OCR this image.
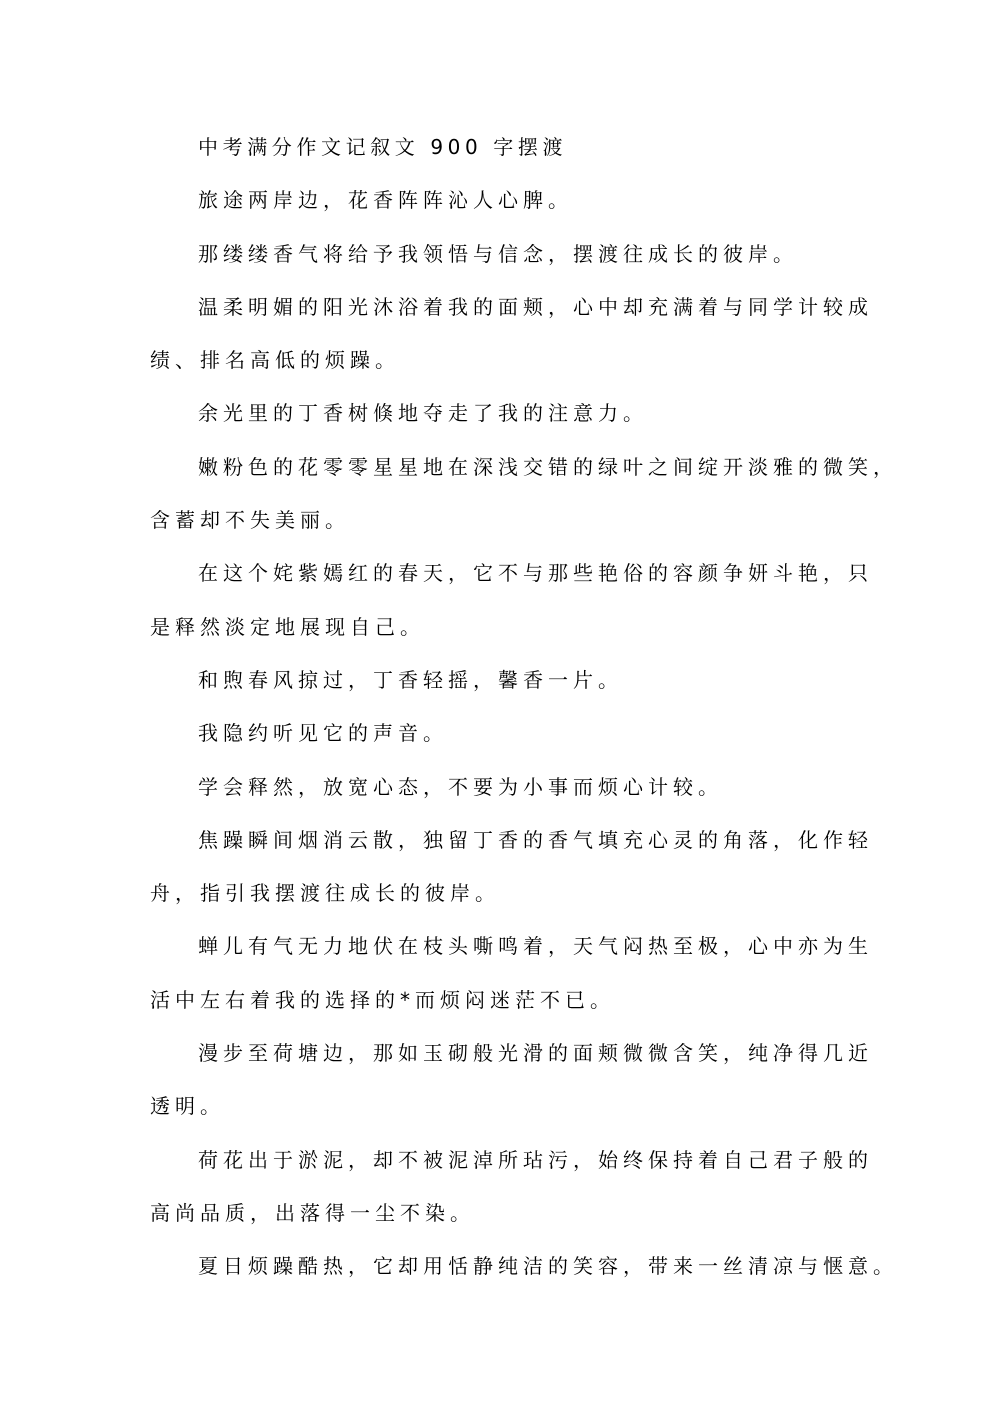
中考满分作文记叙文 900 字摆渡
旅途两岸边，花香阵阵沁人心脾。
那缕缕香气将给予我领悟与信念，摆渡往成长的彼岸。
温柔明媚的阳光沐浴着我的面颊，心中却充满着与同学计较成
绩、排名高低的烦躁。
余光里的丁香树倏地夺走了我的注意力。
嫩粉色的花零零星星地在深浅交错的绿叶之间绽开淡雅的微笑，
含蓄却不失美丽。
在这个姹紫嫣红的春天，它不与那些艳俗的容颜争妍斗艳，只
是释然淡定地展现自己。
和煦春风掠过，丁香轻摇，馨香一片。
我隐约听见它的声音。
学会释然，放宽心态，不要为小事而烦心计较。
焦躁瞬间烟消云散，独留丁香的香气填充心灵的角落，化作轻
舟，指引我摆渡往成长的彼岸。
蝉儿有气无力地伏在枝头嘶鸣着，天气闷热至极，心中亦为生
活中左右着我的选择的*而烦闷迷茫不已。
漫步至荷塘边，那如玉砌般光滑的面颊微微含笑，纯净得几近
透明。
荷花出于淤泥，却不被泥淖所玷污，始终保持着自己君子般的
高尚品质，出落得一尘不染。
夏日烦躁酷热，它却用恬静纯洁的笑容，带来一丝清凉与惬意。
